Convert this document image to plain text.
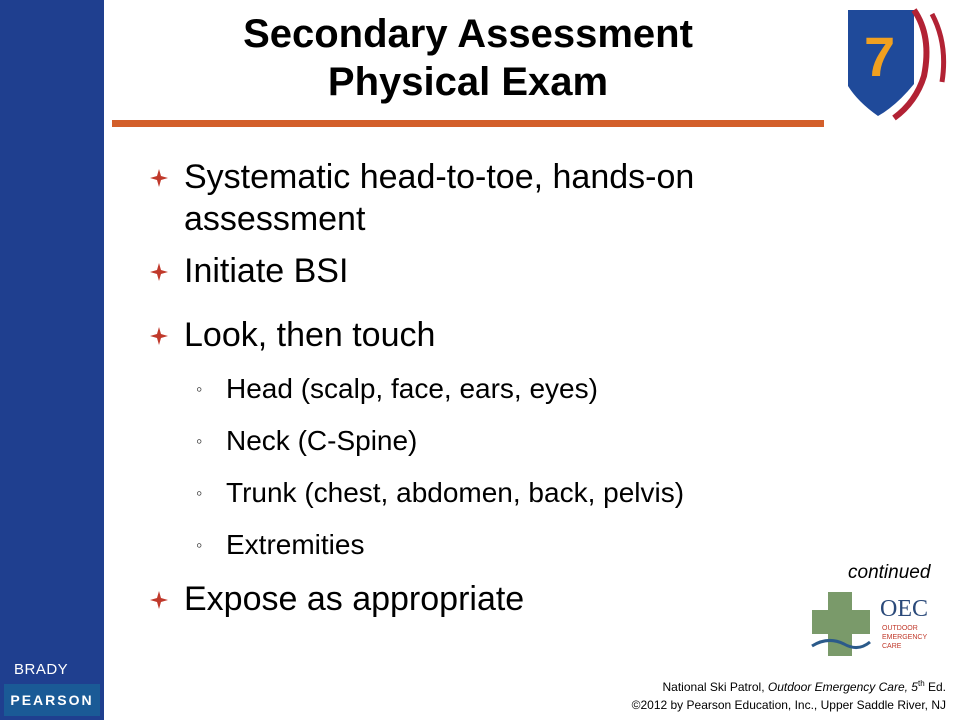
BRADY
PEARSON
Secondary Assessment
Physical Exam	7
Systematic head-to-toe, hands-on assessment
Initiate BSI
Look, then touch
◦ Head (scalp, face, ears, eyes)
◦ Neck (C-Spine)
◦ Trunk (chest, abdomen, back, pelvis)
◦ Extremities
Expose as appropriate
continued
OEC
OUTDOOR
EMERGENCY
CARE
National Ski Patrol, Outdoor Emergency Care, 5th Ed.
©2012 by Pearson Education, Inc., Upper Saddle River, NJ
